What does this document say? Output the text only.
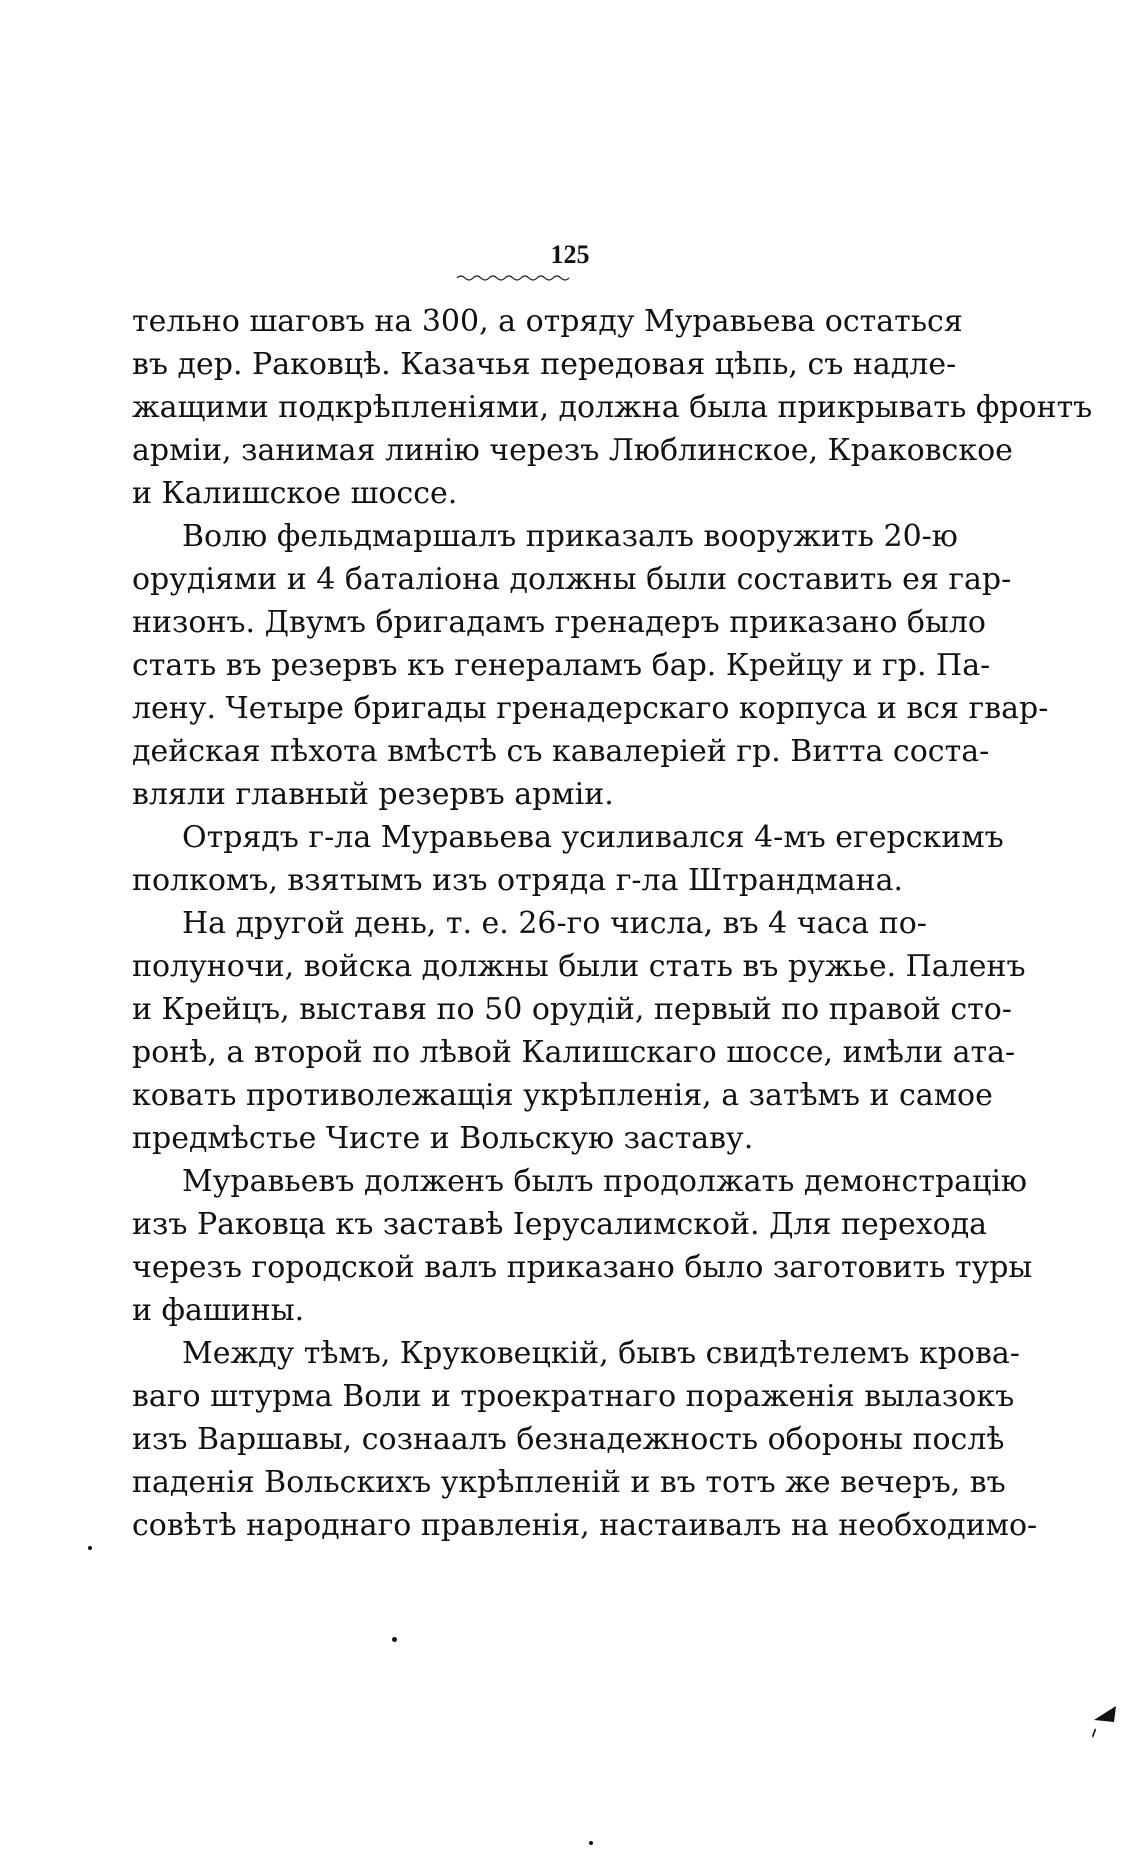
125
тельно шаговъ на 300, а отряду Муравьева остаться
въ дер. Раковцѣ. Казачья передовая цѣпь, съ надле-
жащими подкрѣпленіями, должна была прикрывать фронтъ
арміи, занимая линію черезъ Люблинское, Краковское
и Калишское шоссе.
Волю фельдмаршалъ приказалъ вооружить 20-ю
орудіями и 4 баталіона должны были составить ея гар-
низонъ. Двумъ бригадамъ гренадеръ приказано было
стать въ резервъ къ генераламъ бар. Крейцу и гр. Па-
лену. Четыре бригады гренадерскаго корпуса и вся гвар-
дейская пѣхота вмѣстѣ съ кавалеріей гр. Витта соста-
вляли главный резервъ арміи.
Отрядъ г-ла Муравьева усиливался 4-мъ егерскимъ
полкомъ, взятымъ изъ отряда г-ла Штрандмана.
На другой день, т. е. 26-го числа, въ 4 часа по-
полуночи, войска должны были стать въ ружье. Паленъ
и Крейцъ, выставя по 50 орудій, первый по правой сто-
ронѣ, а второй по лѣвой Калишскаго шоссе, имѣли ата-
ковать противолежащія укрѣпленія, а затѣмъ и самое
предмѣстье Чисте и Вольскую заставу.
Муравьевъ долженъ былъ продолжать демонстрацію
изъ Раковца къ заставѣ Іерусалимской. Для перехода
черезъ городской валъ приказано было заготовить туры
и фашины.
Между тѣмъ, Круковецкій, бывъ свидѣтелемъ крова-
ваго штурма Воли и троекратнаго пораженія вылазокъ
изъ Варшавы, сознаалъ безнадежность обороны послѣ
паденія Вольскихъ укрѣпленій и въ тотъ же вечеръ, въ
совѣтѣ народнаго правленія, настаивалъ на необходимо-
